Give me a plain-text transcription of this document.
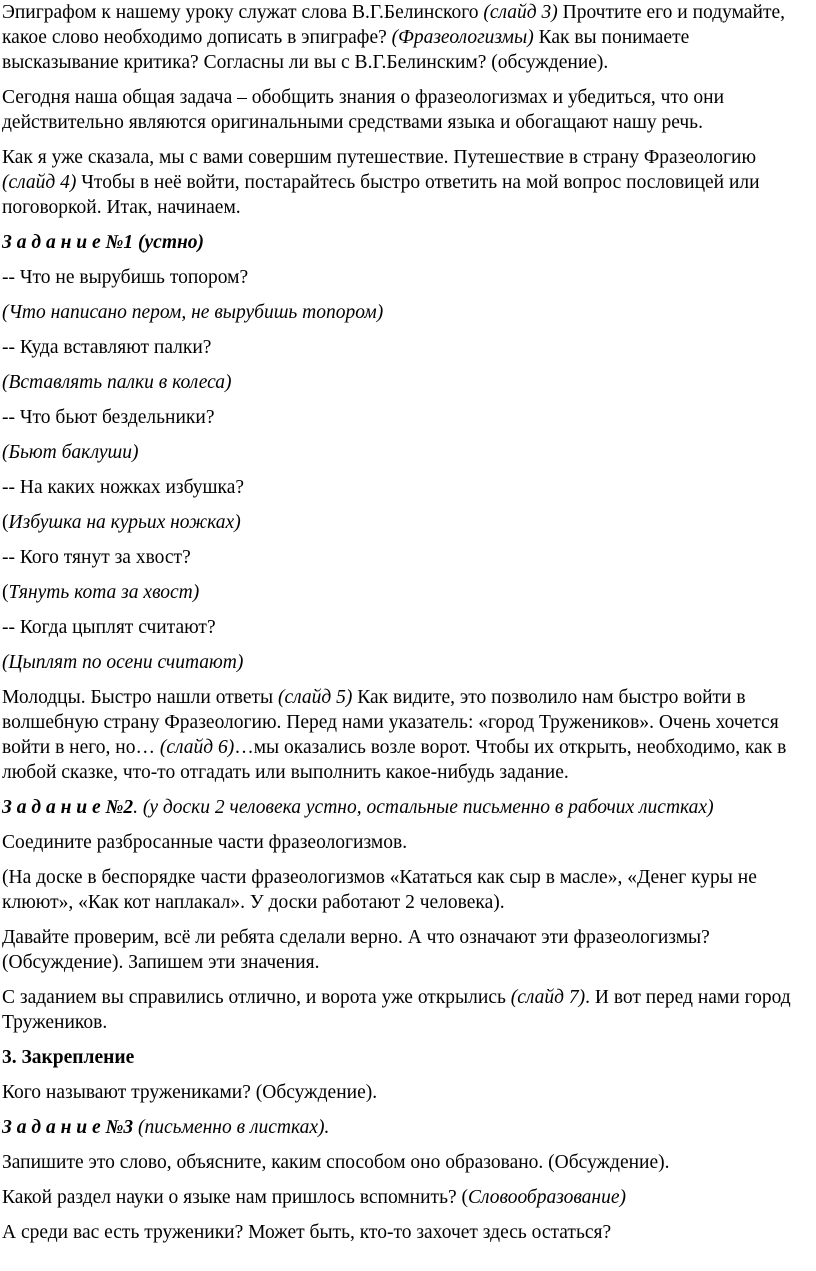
Эпиграфом к нашему уроку служат слова В.Г.Белинского (слайд 3) Прочтите его и подумайте, какое слово необходимо дописать в эпиграфе? (Фразеологизмы) Как вы понимаете высказывание критика? Согласны ли вы с В.Г.Белинским? (обсуждение).

Сегодня наша общая задача – обобщить знания о фразеологизмах и убедиться, что они действительно являются оригинальными средствами языка и обогащают нашу речь.

Как я уже сказала, мы с вами совершим путешествие. Путешествие в страну Фразеологию (слайд 4) Чтобы в неё войти, постарайтесь быстро ответить на мой вопрос пословицей или поговоркой. Итак, начинаем.

З а д а н и е №1 (устно)

-- Что не вырубишь топором?

(Что написано пером, не вырубишь топором)

-- Куда вставляют палки?

(Вставлять палки в колеса)

-- Что бьют бездельники?

(Бьют баклуши)

-- На каких ножках избушка?

(Избушка на курьих ножках)

-- Кого тянут за хвост?

(Тянуть кота за хвост)

-- Когда цыплят считают?

(Цыплят по осени считают)

Молодцы. Быстро нашли ответы (слайд 5) Как видите, это позволило нам быстро войти в волшебную страну Фразеологию. Перед нами указатель: «город Тружеников». Очень хочется войти в него, но… (слайд 6)…мы оказались возле ворот. Чтобы их открыть, необходимо, как в любой сказке, что-то отгадать или выполнить какое-нибудь задание.

З а д а н и е №2. (у доски 2 человека устно, остальные письменно в рабочих листках)

Соедините разбросанные части фразеологизмов.

(На доске в беспорядке части фразеологизмов «Кататься как сыр в масле», «Денег куры не клюют», «Как кот наплакал». У доски работают 2 человека).

Давайте проверим, всё ли ребята сделали верно. А что означают эти фразеологизмы? (Обсуждение). Запишем эти значения.

С заданием вы справились отлично, и ворота уже открылись (слайд 7). И вот перед нами город Тружеников.

3. Закрепление

Кого называют тружениками? (Обсуждение).

З а д а н и е №3 (письменно в листках).

Запишите это слово, объясните, каким способом оно образовано. (Обсуждение).

Какой раздел науки о языке нам пришлось вспомнить? (Словообразование)

А среди вас есть труженики? Может быть, кто-то захочет здесь остаться?
